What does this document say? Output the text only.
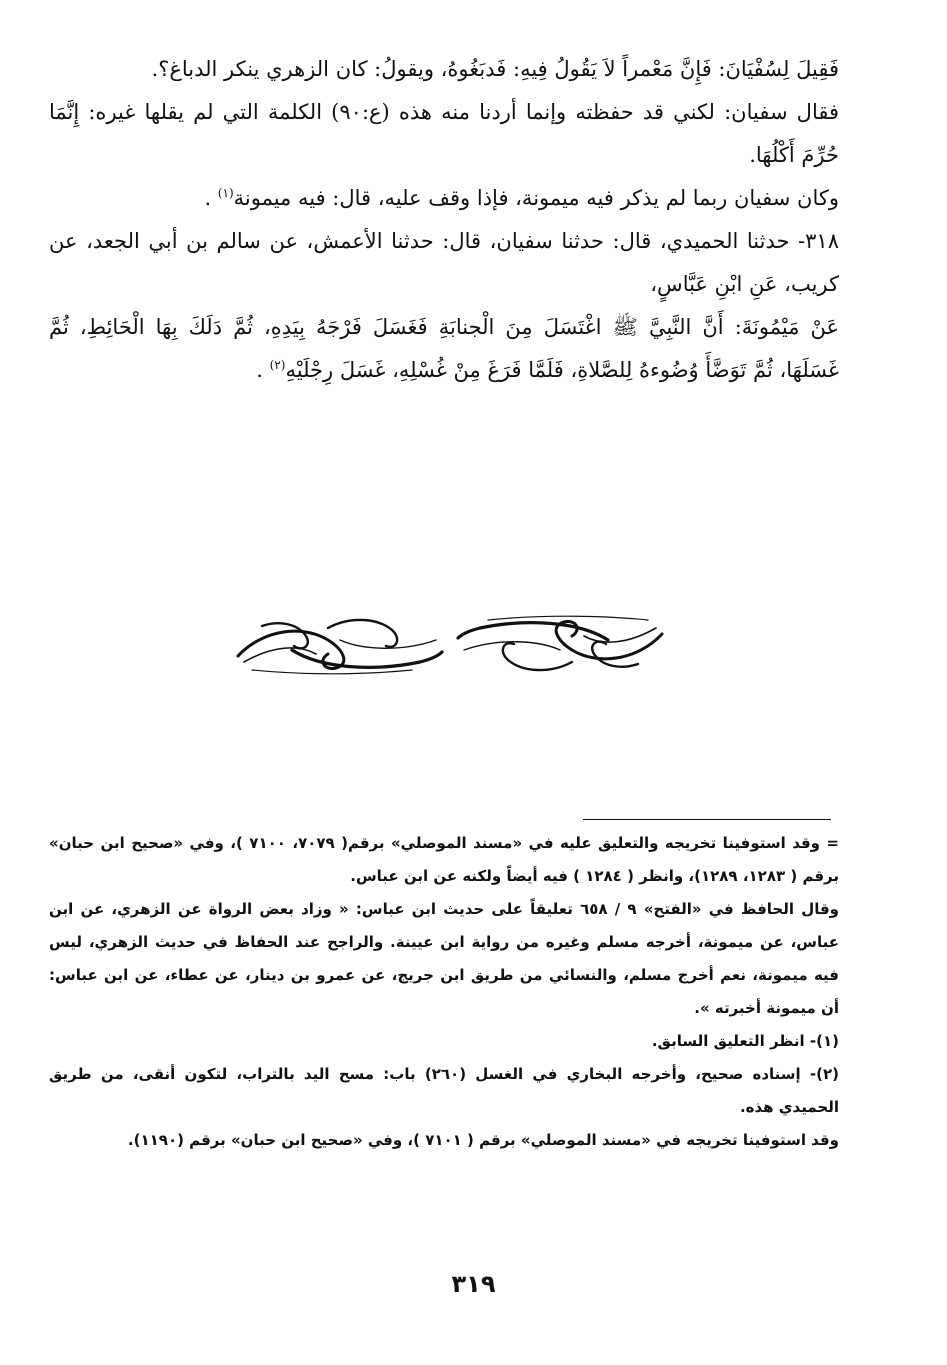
فَقِيلَ لِسُفْيَانَ: فَإِنَّ مَعْمراً لاَ يَقُولُ فِيهِ: فَدبَغُوهُ، ويقولُ: كان الزهري ينكر الدباغ؟.

فقال سفيان: لكني قد حفظته وإنما أردنا منه هذه (ع:٩٠) الكلمة التي لم يقلها غيره: إِنَّمَا حُرِّمَ أَكْلُهَا.

وكان سفيان ربما لم يذكر فيه ميمونة، فإذا وقف عليه، قال: فيه ميمونة$^{(١)}$ .

٣١٨- حدثنا الحميدي، قال: حدثنا سفيان، قال: حدثنا الأعمش، عن سالم بن أبي الجعد، عن كريب، عَنِ ابْنِ عَبَّاسٍ،

عَنْ مَيْمُونَةَ: أَنَّ النَّبِيَّ ﷺ اغْتَسَلَ مِنَ الْجنابَةِ فَغَسَلَ فَرْجَهُ بِيَدِهِ، ثُمَّ دَلَكَ بِهَا الْحَائِطِ، ثُمَّ غَسَلَهَا، ثُمَّ تَوَضَّأَ وُضُوءهُ لِلصَّلاةِ، فَلَمَّا فَرَغَ مِنْ غُسْلِهِ، غَسَلَ رِجْلَيْهِ$^{(٢)}$ .

= وقد استوفينا تخريجه والتعليق عليه في «مسند الموصلي» برقم( ٧٠٧٩، ٧١٠٠ )، وفي «صحيح ابن حبان» برقم ( ١٢٨٣، ١٢٨٩)، وانظر ( ١٢٨٤ ) فيه أيضاً ولكنه عن ابن عباس.

وقال الحافظ في «الفتح» ٩ / ٦٥٨ تعليقاً على حديث ابن عباس: « وزاد بعض الرواة عن الزهري، عن ابن عباس، عن ميمونة، أخرجه مسلم وغيره من رواية ابن عيينة. والراجح عند الحفاظ في حديث الزهري، ليس فيه ميمونة، نعم أخرج مسلم، والنسائي من طريق ابن جريج، عن عمرو بن دينار، عن عطاء، عن ابن عباس: أن ميمونة أخبرته ».

(١)- انظر التعليق السابق.

(٢)- إسناده صحيح، وأخرجه البخاري في الغسل (٢٦٠) باب: مسح اليد بالتراب، لتكون أنقى، من طريق الحميدي هذه.

وقد استوفينا تخريجه في «مسند الموصلي» برقم ( ٧١٠١ )، وفي «صحيح ابن حبان» برقم (١١٩٠).

٣١٩
